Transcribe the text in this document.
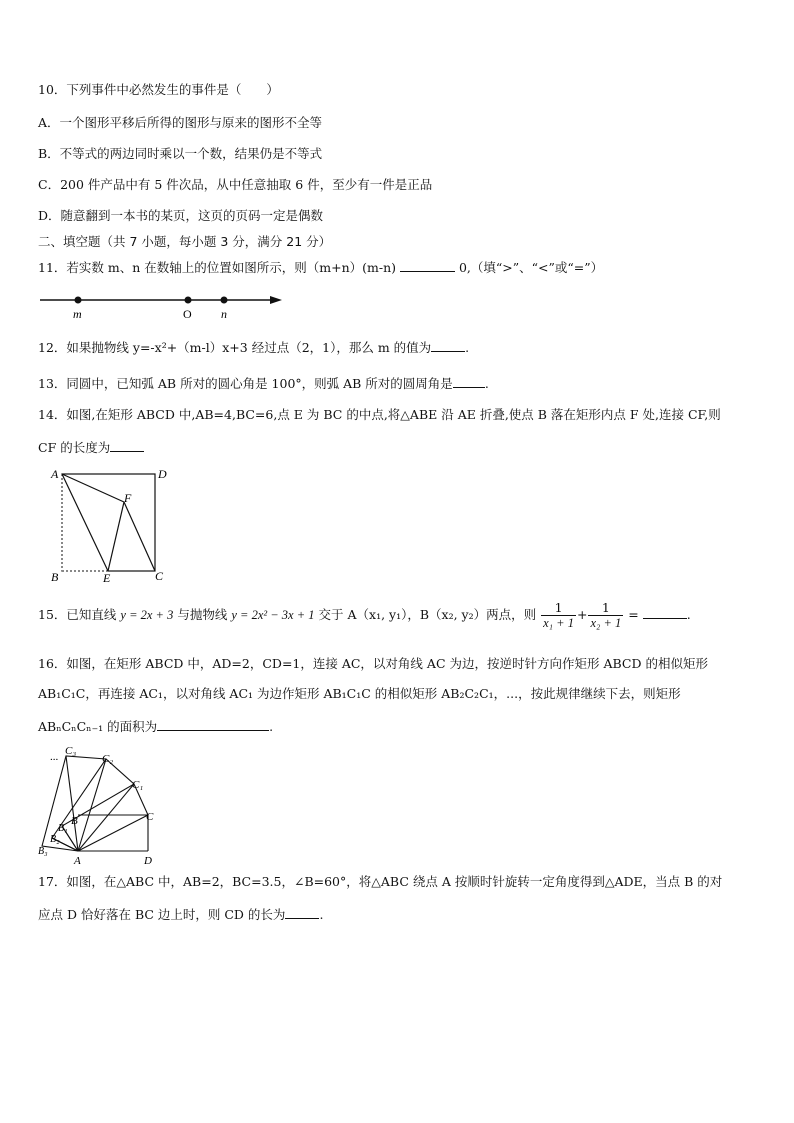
10．下列事件中必然发生的事件是（　　）
A．一个图形平移后所得的图形与原来的图形不全等
B．不等式的两边同时乘以一个数，结果仍是不等式
C．200 件产品中有 5 件次品，从中任意抽取 6 件，至少有一件是正品
D．随意翻到一本书的某页，这页的页码一定是偶数
二、填空题（共 7 小题，每小题 3 分，满分 21 分）
11．若实数 m、n 在数轴上的位置如图所示，则（m+n）(m-n)	0,（填“>”、“<”或“=”）
m	O n
12．如果抛物线 y=-x²+（m-l）x+3 经过点（2，1），那么 m 的值为	.
13．同圆中，已知弧 AB 所对的圆心角是 100°，则弧 AB 所对的圆周角是	.
14．如图,在矩形 ABCD 中,AB=4,BC=6,点 E 为 BC 的中点,将△ABE 沿 AE 折叠,使点 B 落在矩形内点 F 处,连接 CF,则
CF 的长度为
A	D
F
B	E	C
15．已知直线 y = 2x + 3 与抛物线 y = 2x² − 3x + 1 交于 A（x₁, y₁），B（x₂, y₂）两点，则 $\frac{1}{\text{x₁ + 1}} + \frac{1}{\text{x₂ + 1}}$ =	.
16．如图，在矩形 ABCD 中，AD=2，CD=1，连接 AC，以对角线 AC 为边，按逆时针方向作矩形 ABCD 的相似矩形
AB₁C₁C，再连接 AC₁，以对角线 AC₁ 为边作矩形 AB₁C₁C 的相似矩形 AB₂C₂C₁，...，按此规律继续下去，则矩形
ABₙCₙCₙ₋₁ 的面积为	.
... C₃
C₂
C₁
C
B
B₁
B₂
B₃
A	D
17．如图，在△ABC 中，AB=2，BC=3.5，∠B=60°，将△ABC 绕点 A 按顺时针旋转一定角度得到△ADE，当点 B 的对
应点 D 恰好落在 BC 边上时，则 CD 的长为	.
